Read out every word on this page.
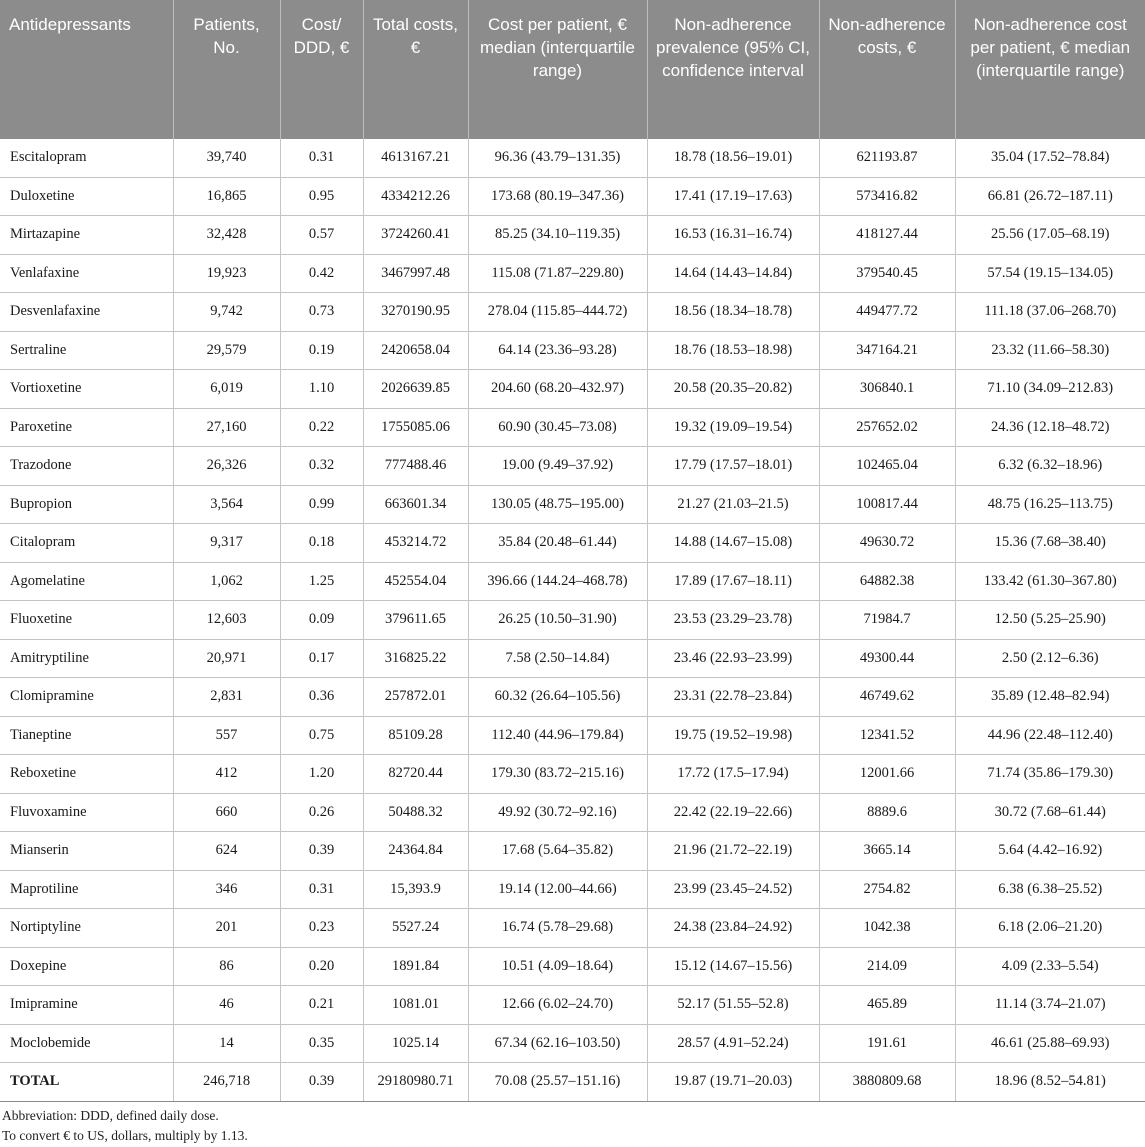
Antidepressants	Patients, No.	Cost/ DDD, €	Total costs, €	Cost per patient, € median (interquartile range)	Non-adherence prevalence (95% CI, confidence interval	Non-adherence costs, €	Non-adherence cost per patient, € median (interquartile range)
Escitalopram	39,740	0.31	4613167.21	96.36 (43.79–131.35)	18.78 (18.56–19.01)	621193.87	35.04 (17.52–78.84)
Duloxetine	16,865	0.95	4334212.26	173.68 (80.19–347.36)	17.41 (17.19–17.63)	573416.82	66.81 (26.72–187.11)
Mirtazapine	32,428	0.57	3724260.41	85.25 (34.10–119.35)	16.53 (16.31–16.74)	418127.44	25.56 (17.05–68.19)
Venlafaxine	19,923	0.42	3467997.48	115.08 (71.87–229.80)	14.64 (14.43–14.84)	379540.45	57.54 (19.15–134.05)
Desvenlafaxine	9,742	0.73	3270190.95	278.04 (115.85–444.72)	18.56 (18.34–18.78)	449477.72	111.18 (37.06–268.70)
Sertraline	29,579	0.19	2420658.04	64.14 (23.36–93.28)	18.76 (18.53–18.98)	347164.21	23.32 (11.66–58.30)
Vortioxetine	6,019	1.10	2026639.85	204.60 (68.20–432.97)	20.58 (20.35–20.82)	306840.1	71.10 (34.09–212.83)
Paroxetine	27,160	0.22	1755085.06	60.90 (30.45–73.08)	19.32 (19.09–19.54)	257652.02	24.36 (12.18–48.72)
Trazodone	26,326	0.32	777488.46	19.00 (9.49–37.92)	17.79 (17.57–18.01)	102465.04	6.32 (6.32–18.96)
Bupropion	3,564	0.99	663601.34	130.05 (48.75–195.00)	21.27 (21.03–21.5)	100817.44	48.75 (16.25–113.75)
Citalopram	9,317	0.18	453214.72	35.84 (20.48–61.44)	14.88 (14.67–15.08)	49630.72	15.36 (7.68–38.40)
Agomelatine	1,062	1.25	452554.04	396.66 (144.24–468.78)	17.89 (17.67–18.11)	64882.38	133.42 (61.30–367.80)
Fluoxetine	12,603	0.09	379611.65	26.25 (10.50–31.90)	23.53 (23.29–23.78)	71984.7	12.50 (5.25–25.90)
Amitryptiline	20,971	0.17	316825.22	7.58 (2.50–14.84)	23.46 (22.93–23.99)	49300.44	2.50 (2.12–6.36)
Clomipramine	2,831	0.36	257872.01	60.32 (26.64–105.56)	23.31 (22.78–23.84)	46749.62	35.89 (12.48–82.94)
Tianeptine	557	0.75	85109.28	112.40 (44.96–179.84)	19.75 (19.52–19.98)	12341.52	44.96 (22.48–112.40)
Reboxetine	412	1.20	82720.44	179.30 (83.72–215.16)	17.72 (17.5–17.94)	12001.66	71.74 (35.86–179.30)
Fluvoxamine	660	0.26	50488.32	49.92 (30.72–92.16)	22.42 (22.19–22.66)	8889.6	30.72 (7.68–61.44)
Mianserin	624	0.39	24364.84	17.68 (5.64–35.82)	21.96 (21.72–22.19)	3665.14	5.64 (4.42–16.92)
Maprotiline	346	0.31	15,393.9	19.14 (12.00–44.66)	23.99 (23.45–24.52)	2754.82	6.38 (6.38–25.52)
Nortiptyline	201	0.23	5527.24	16.74 (5.78–29.68)	24.38 (23.84–24.92)	1042.38	6.18 (2.06–21.20)
Doxepine	86	0.20	1891.84	10.51 (4.09–18.64)	15.12 (14.67–15.56)	214.09	4.09 (2.33–5.54)
Imipramine	46	0.21	1081.01	12.66 (6.02–24.70)	52.17 (51.55–52.8)	465.89	11.14 (3.74–21.07)
Moclobemide	14	0.35	1025.14	67.34 (62.16–103.50)	28.57 (4.91–52.24)	191.61	46.61 (25.88–69.93)
TOTAL	246,718	0.39	29180980.71	70.08 (25.57–151.16)	19.87 (19.71–20.03)	3880809.68	18.96 (8.52–54.81)
Abbreviation: DDD, defined daily dose.
To convert € to US, dollars, multiply by 1.13.
